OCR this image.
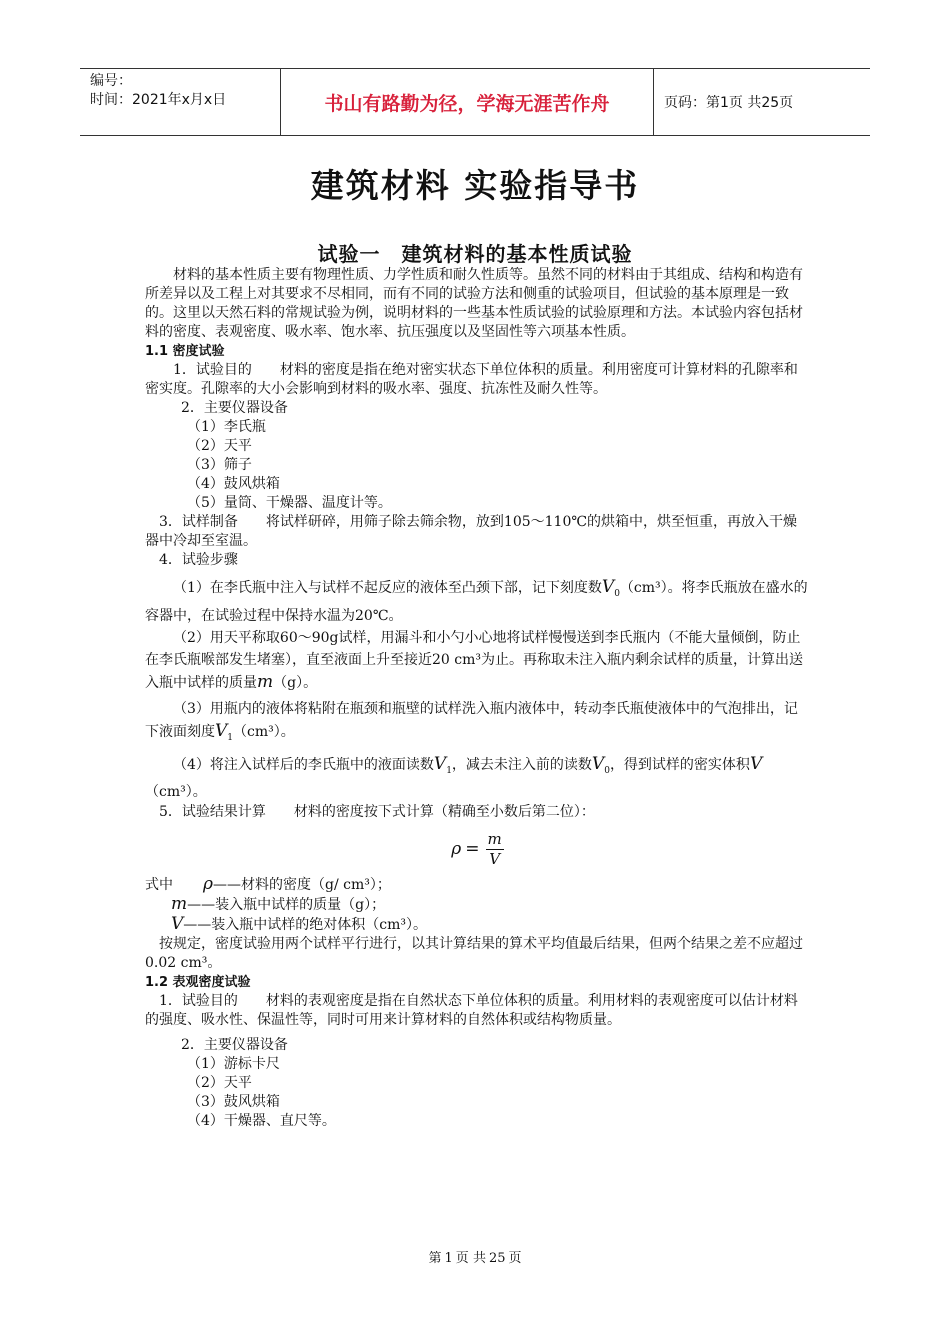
编号：
时间：2021年x月x日	书山有路勤为径，学海无涯苦作舟	页码：第1页 共25页
建筑材料 实验指导书
试验一　建筑材料的基本性质试验

材料的基本性质主要有物理性质、力学性质和耐久性质等。虽然不同的材料由于其组成、结构和构造有所差异以及工程上对其要求不尽相同，而有不同的试验方法和侧重的试验项目，但试验的基本原理是一致的。这里以天然石料的常规试验为例，说明材料的一些基本性质试验的试验原理和方法。本试验内容包括材料的密度、表观密度、吸水率、饱水率、抗压强度以及坚固性等六项基本性质。

1.1 密度试验

1．试验目的　　材料的密度是指在绝对密实状态下单位体积的质量。利用密度可计算材料的孔隙率和密实度。孔隙率的大小会影响到材料的吸水率、强度、抗冻性及耐久性等。

2．主要仪器设备

（1）李氏瓶

（2）天平

（3）筛子

（4）鼓风烘箱

（5）量筒、干燥器、温度计等。

3．试样制备　　将试样研碎，用筛子除去筛余物，放到105～110℃的烘箱中，烘至恒重，再放入干燥器中冷却至室温。

4．试验步骤

（1）在李氏瓶中注入与试样不起反应的液体至凸颈下部，记下刻度数$V_0(cm^3)$。将李氏瓶放在盛水的容器中，在试验过程中保持水温为20℃。

（2）用天平称取60～90g试样，用漏斗和小勺小心地将试样慢慢送到李氏瓶内（不能大量倾倒，防止在李氏瓶喉部发生堵塞），直至液面上升至接近20 cm³为止。再称取未注入瓶内剩余试样的质量，计算出送入瓶中试样的质量m（g）。

（3）用瓶内的液体将粘附在瓶颈和瓶壁的试样洗入瓶内液体中，转动李氏瓶使液体中的气泡排出，记下液面刻度$V_1(cm^3)$。

（4）将注入试样后的李氏瓶中的液面读数$V_1$，减去未注入前的读数$V_0$，得到试样的密实体积V（cm³）。

5．试验结果计算　　材料的密度按下式计算（精确至小数后第二位）：

$\rho = \frac{m}{V}$

式中 ρ——材料的密度（g/ cm³）；

m——装入瓶中试样的质量（g）；

V——装入瓶中试样的绝对体积（cm³）。

按规定，密度试验用两个试样平行进行，以其计算结果的算术平均值最后结果，但两个结果之差不应超过0.02 cm³。

1.2 表观密度试验

1．试验目的　　材料的表观密度是指在自然状态下单位体积的质量。利用材料的表观密度可以估计材料的强度、吸水性、保温性等，同时可用来计算材料的自然体积或结构物质量。

2．主要仪器设备

（1）游标卡尺

（2）天平

（3）鼓风烘箱

（4）干燥器、直尺等。

第 1 页 共 25 页
